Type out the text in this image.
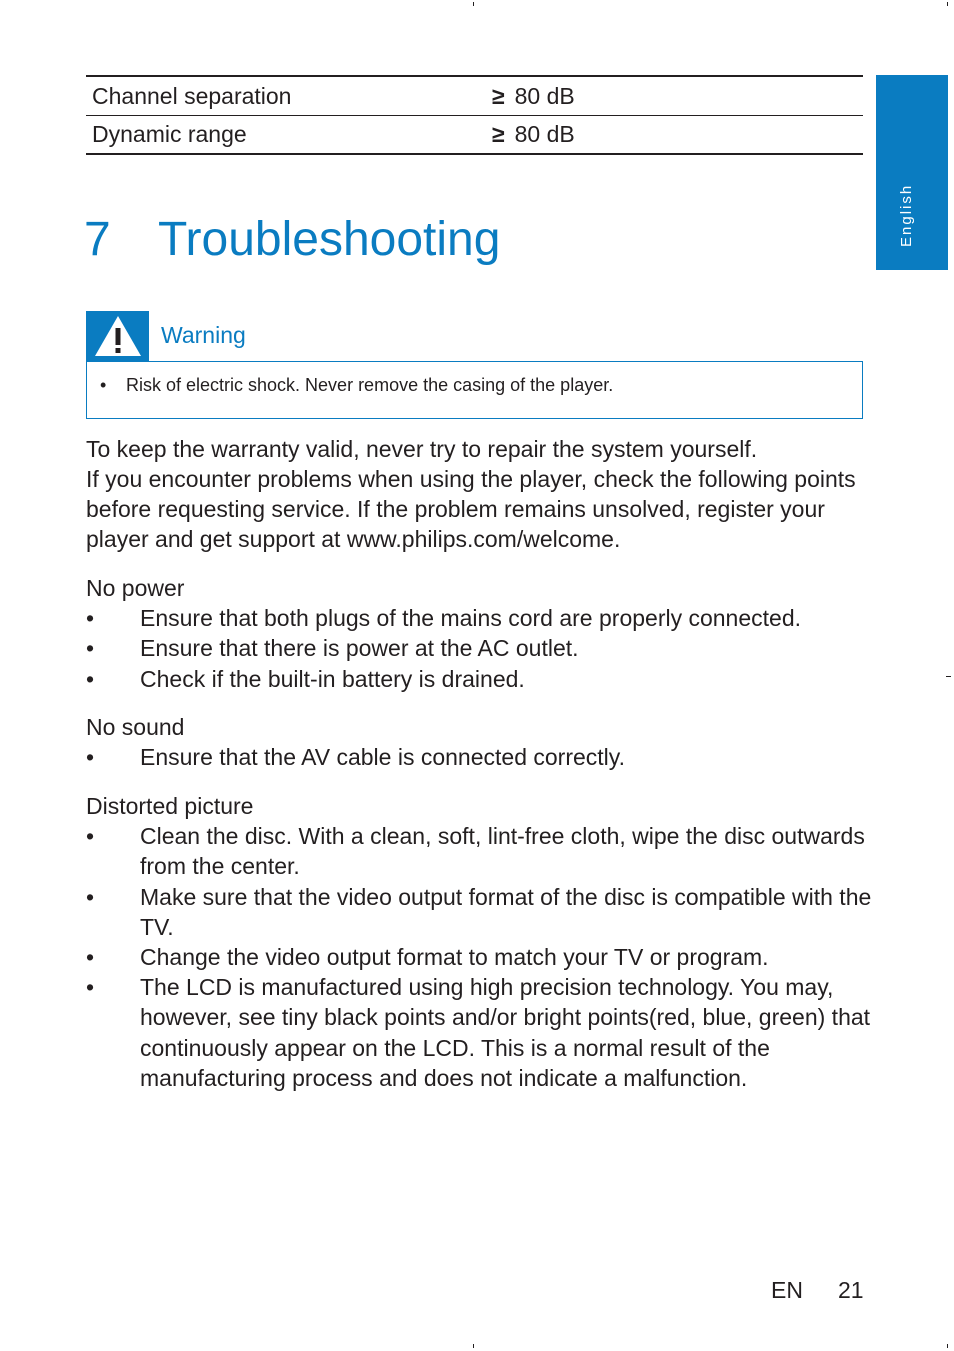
English
Channel separation	≥ 80 dB
Dynamic range	≥ 80 dB
7 Troubleshooting
Warning
•	Risk of electric shock. Never remove the casing of the player.

To keep the warranty valid, never try to repair the system yourself.

If you encounter problems when using the player, check the following points before requesting service. If the problem remains unsolved, register your player and get support at www.philips.com/welcome.

No power
• Ensure that both plugs of the mains cord are properly connected.
• Ensure that there is power at the AC outlet.
• Check if the built-in battery is drained.
No sound
• Ensure that the AV cable is connected correctly.
Distorted picture
• Clean the disc. With a clean, soft, lint-free cloth, wipe the disc outwards from the center.
• Make sure that the video output format of the disc is compatible with the TV.
• Change the video output format to match your TV or program.
• The LCD is manufactured using high precision technology. You may, however, see tiny black points and/or bright points(red, blue, green) that continuously appear on the LCD. This is a normal result of the manufacturing process and does not indicate a malfunction.
EN 21
